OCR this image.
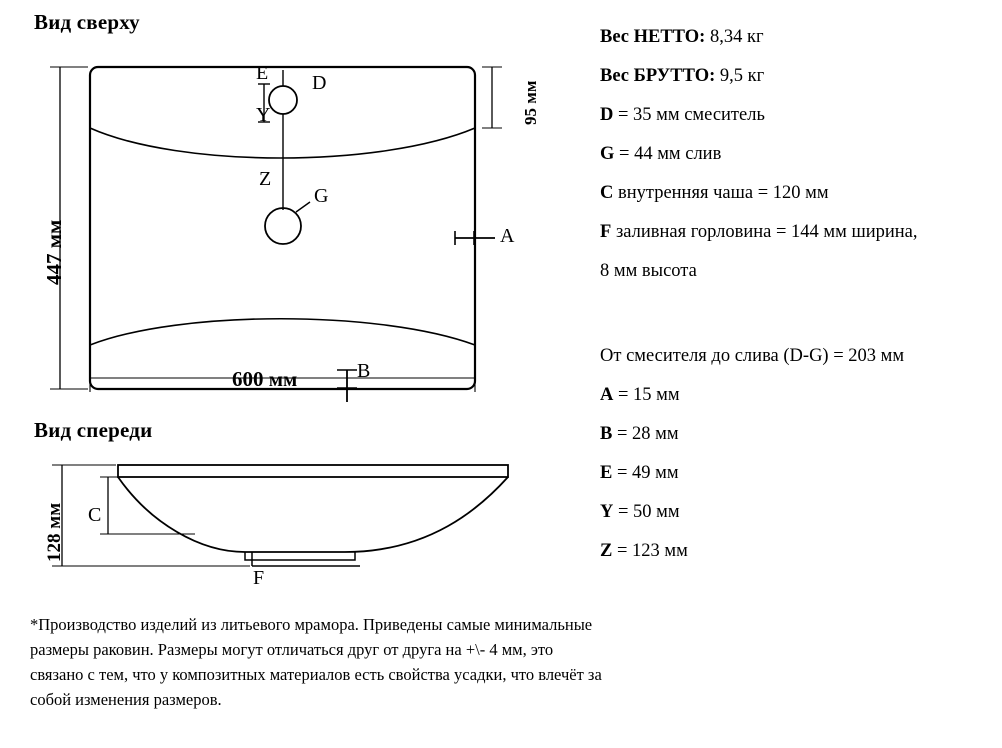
Вид сверху
D
E
Y
Z
G
A
B
447 мм
600 мм
95 мм
Вид спереди
128 мм C
F
Вес НЕТТО: 8,34 кг
Вес БРУТТО: 9,5 кг
D = 35 мм смеситель
G = 44 мм слив
C внутренняя чаша = 120 мм
F заливная горловина = 144 мм ширина,
8 мм высота
От смесителя до слива (D-G) = 203 мм
A = 15 мм
B = 28 мм
E = 49 мм
Y = 50 мм
Z = 123 мм
*Производство изделий из литьевого мрамора. Приведены самые минимальные размеры раковин. Размеры могут отличаться друг от друга на +\- 4 мм, это связано с тем, что у композитных материалов есть свойства усадки, что влечёт за собой изменения размеров.
